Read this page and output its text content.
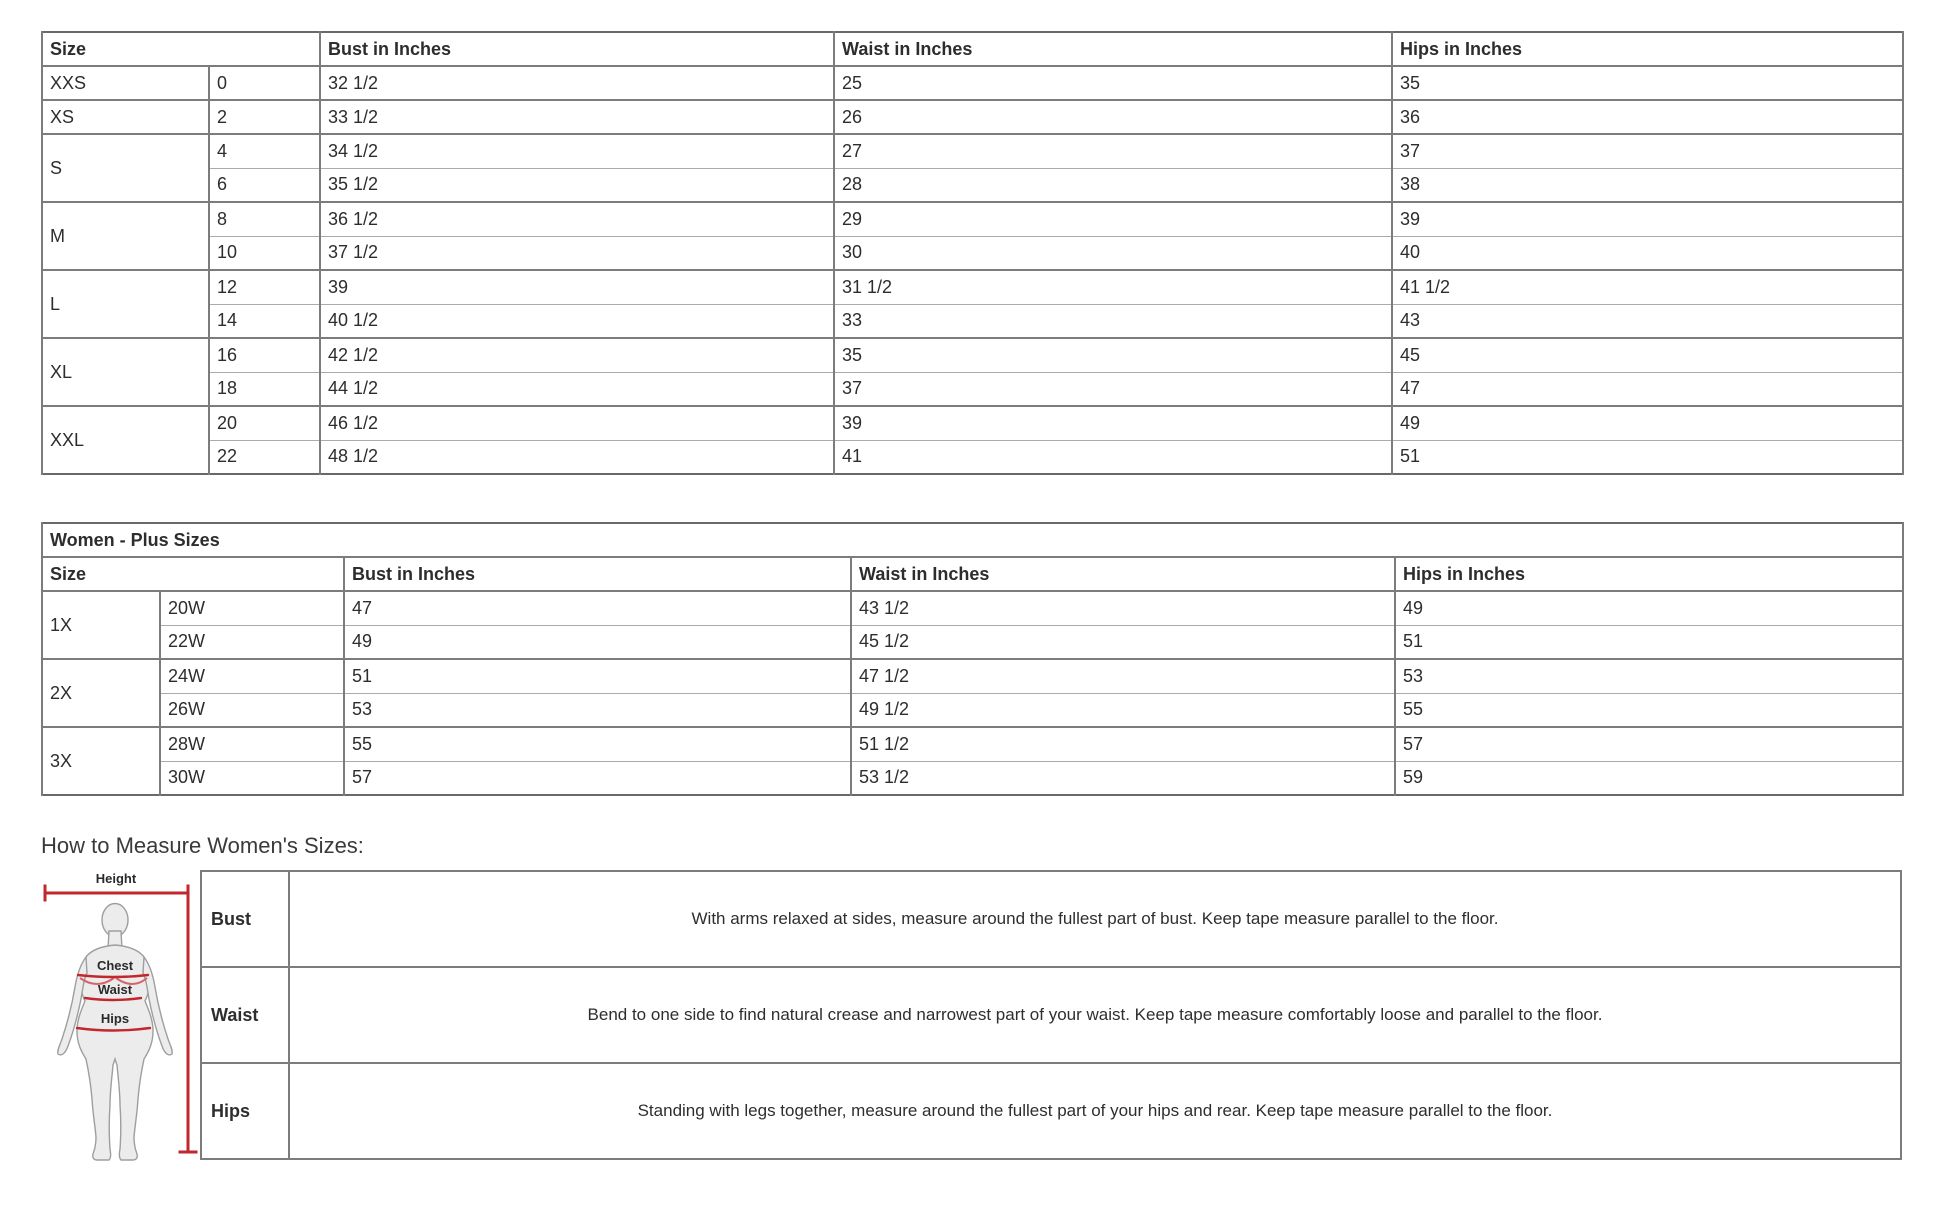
Size		Bust in Inches	Waist in Inches	Hips in Inches
XXS	0	32 1/2	25	35
XS	2	33 1/2	26	36
S	4	34 1/2	27	37
	6	35 1/2	28	38
M	8	36 1/2	29	39
	10	37 1/2	30	40
L	12	39	31 1/2	41 1/2
	14	40 1/2	33	43
XL	16	42 1/2	35	45
	18	44 1/2	37	47
XXL	20	46 1/2	39	49
	22	48 1/2	41	51
Women - Plus Sizes				
Size		Bust in Inches	Waist in Inches	Hips in Inches
1X	20W	47	43 1/2	49
	22W	49	45 1/2	51
2X	24W	51	47 1/2	53
	26W	53	49 1/2	55
3X	28W	55	51 1/2	57
	30W	57	53 1/2	59
How to Measure Women's Sizes:
Height
Chest
Waist
Hips
Bust	With arms relaxed at sides, measure around the fullest part of bust. Keep tape measure parallel to the floor.
Waist	Bend to one side to find natural crease and narrowest part of your waist. Keep tape measure comfortably loose and parallel to the floor.
Hips	Standing with legs together, measure around the fullest part of your hips and rear. Keep tape measure parallel to the floor.
